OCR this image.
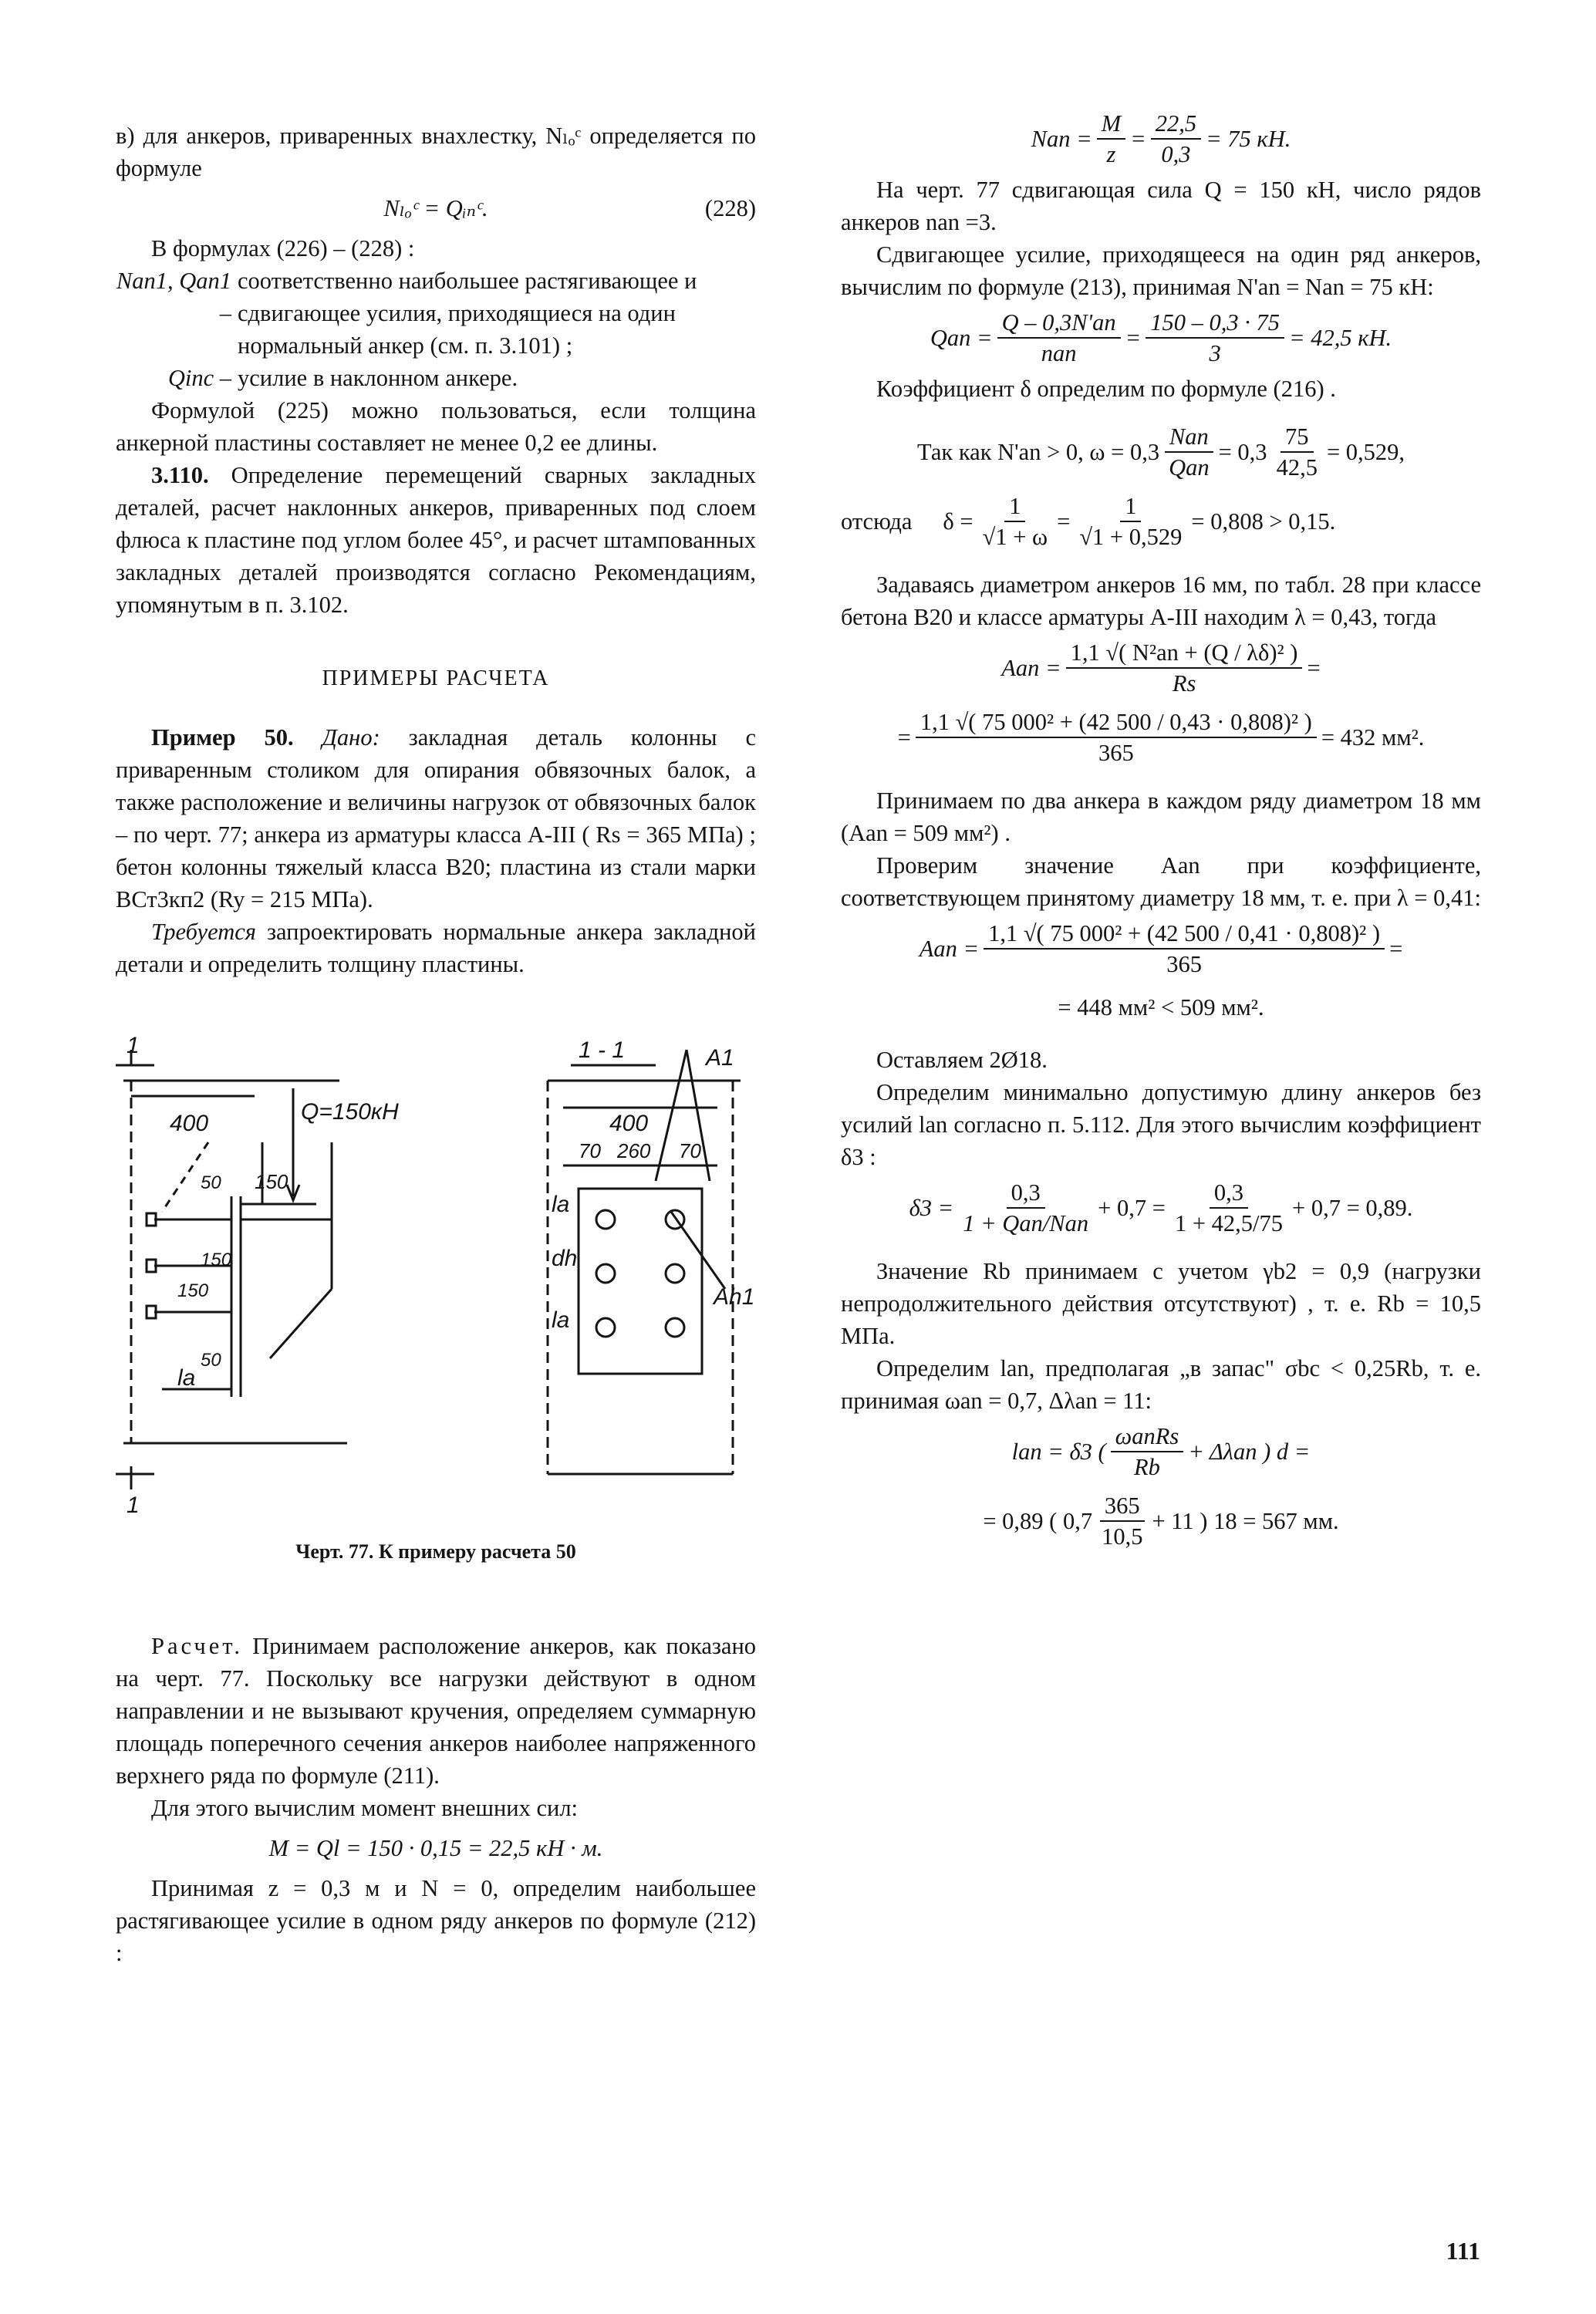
в) для анкеров, приваренных внахлестку, Nₗₒᶜ определяется по формуле

Nₗₒᶜ = Qᵢₙᶜ.	(228)

В формулах (226) – (228) :

Nan1, Qan1 –
соответственно наибольшее растягивающее и сдвигающее усилия, приходящиеся на один нормальный анкер (см. п. 3.101) ;
Qinc – усилие в наклонном анкере.

Формулой (225) можно пользоваться, если толщина анкерной пластины составляет не менее 0,2 ее длины.

3.110. Определение перемещений сварных закладных деталей, расчет наклонных анкеров, приваренных под слоем флюса к пластине под углом более 45°, и расчет штампованных закладных деталей производятся согласно Рекомендациям, упомянутым в п. 3.102.

ПРИМЕРЫ РАСЧЕТА

Пример 50. Дано: закладная деталь колонны с приваренным столиком для опирания обвязочных балок, а также расположение и величины нагрузок от обвязочных балок – по черт. 77; анкера из арматуры класса А-III ( Rs = 365 МПа) ; бетон колонны тяжелый класса В20; пластина из стали марки ВСт3кп2 (Ry = 215 МПа).

Требуется запроектировать нормальные анкера закладной детали и определить толщину пластины.

1
1
1 - 1
400	400
150
Q=150кН
50
150
150
50
la
70 260 70
la
dh
la
A1
Ah1
Черт. 77. К примеру расчета 50

Расчет. Принимаем расположение анкеров, как показано на черт. 77. Поскольку все нагрузки действуют в одном направлении и не вызывают кручения, определяем суммарную площадь поперечного сечения анкеров наиболее напряженного верхнего ряда по формуле (211).

Для этого вычислим момент внешних сил:

M = Ql = 150 · 0,15 = 22,5 кН · м.

Принимая z = 0,3 м и N = 0, определим наибольшее растягивающее усилие в одном ряду анкеров по формуле (212) :

Nan = $\frac{M}{z} = \frac{22,5}{0,3} = 75$ кН.

На черт. 77 сдвигающая сила Q = 150 кН, число рядов анкеров nan =3.

Сдвигающее усилие, приходящееся на один ряд анкеров, вычислим по формуле (213), принимая N'an = Nan = 75 кН:

Qan = $\frac{Q - 0,3N'an}{\text{nan}} = \frac{150 - 0,3 \cdot 75}{3} = 42,5$ кН.

Коэффициент δ определим по формуле (216) .

Так как N'an > 0, $\omega = 0,3 \frac{\text{Nan}}{\text{Qan}} = 0,3 \frac{75}{42,5} = 0,529$,
отсюда $\delta = \frac{1}{√1 + \omega} = \frac{1}{√1 + 0,529} = 0,808 > 0,15$.

Задаваясь диаметром анкеров 16 мм, по табл. 28 при классе бетона В20 и классе арматуры А-III находим λ = 0,43, тогда

Aan = $\frac{\text{1,1 √( N²an + (Q / λδ)² )}}{Rs}$ =
= $\frac{\text{1,1 √( 75 000² + (42 500 / 0,43 · 0,808)² )}}{365} = 432$ мм².

Принимаем по два анкера в каждом ряду диаметром 18 мм (Aan = 509 мм²) .

Проверим значение Aan при коэффициенте, соответствующем принятому диаметру 18 мм, т. е. при λ = 0,41:

Aan = $\frac{\text{1,1 √( 75 000² + (42 500 / 0,41 · 0,808)² )}}{365}$ =
= 448 мм² < 509 мм².

Оставляем 2Ø18.

Определим минимально допустимую длину анкеров без усилий lan согласно п. 5.112. Для этого вычислим коэффициент δ3 :

$\delta 3 = \frac{0,3}{\text{1 + Qan/Nan}} + 0,7 = \frac{0,3}{1 + 42,5/75} + 0,7 = 0,89$.

Значение Rb принимаем с учетом γb2 = 0,9 (нагрузки непродолжительного действия отсутствуют) , т. е. Rb = 10,5 МПа.

Определим lan, предполагая „в запас" σbc < 0,25Rb, т. е. принимая ωan = 0,7, Δλan = 11:

lan = δ3 ( $\frac{\text{ωanRs}}{Rb} + \Delta\lambda an$ ) d =
= 0,89 ( $0,7 \frac{365}{10,5} + 11$ ) 18 = 567 мм.
111
